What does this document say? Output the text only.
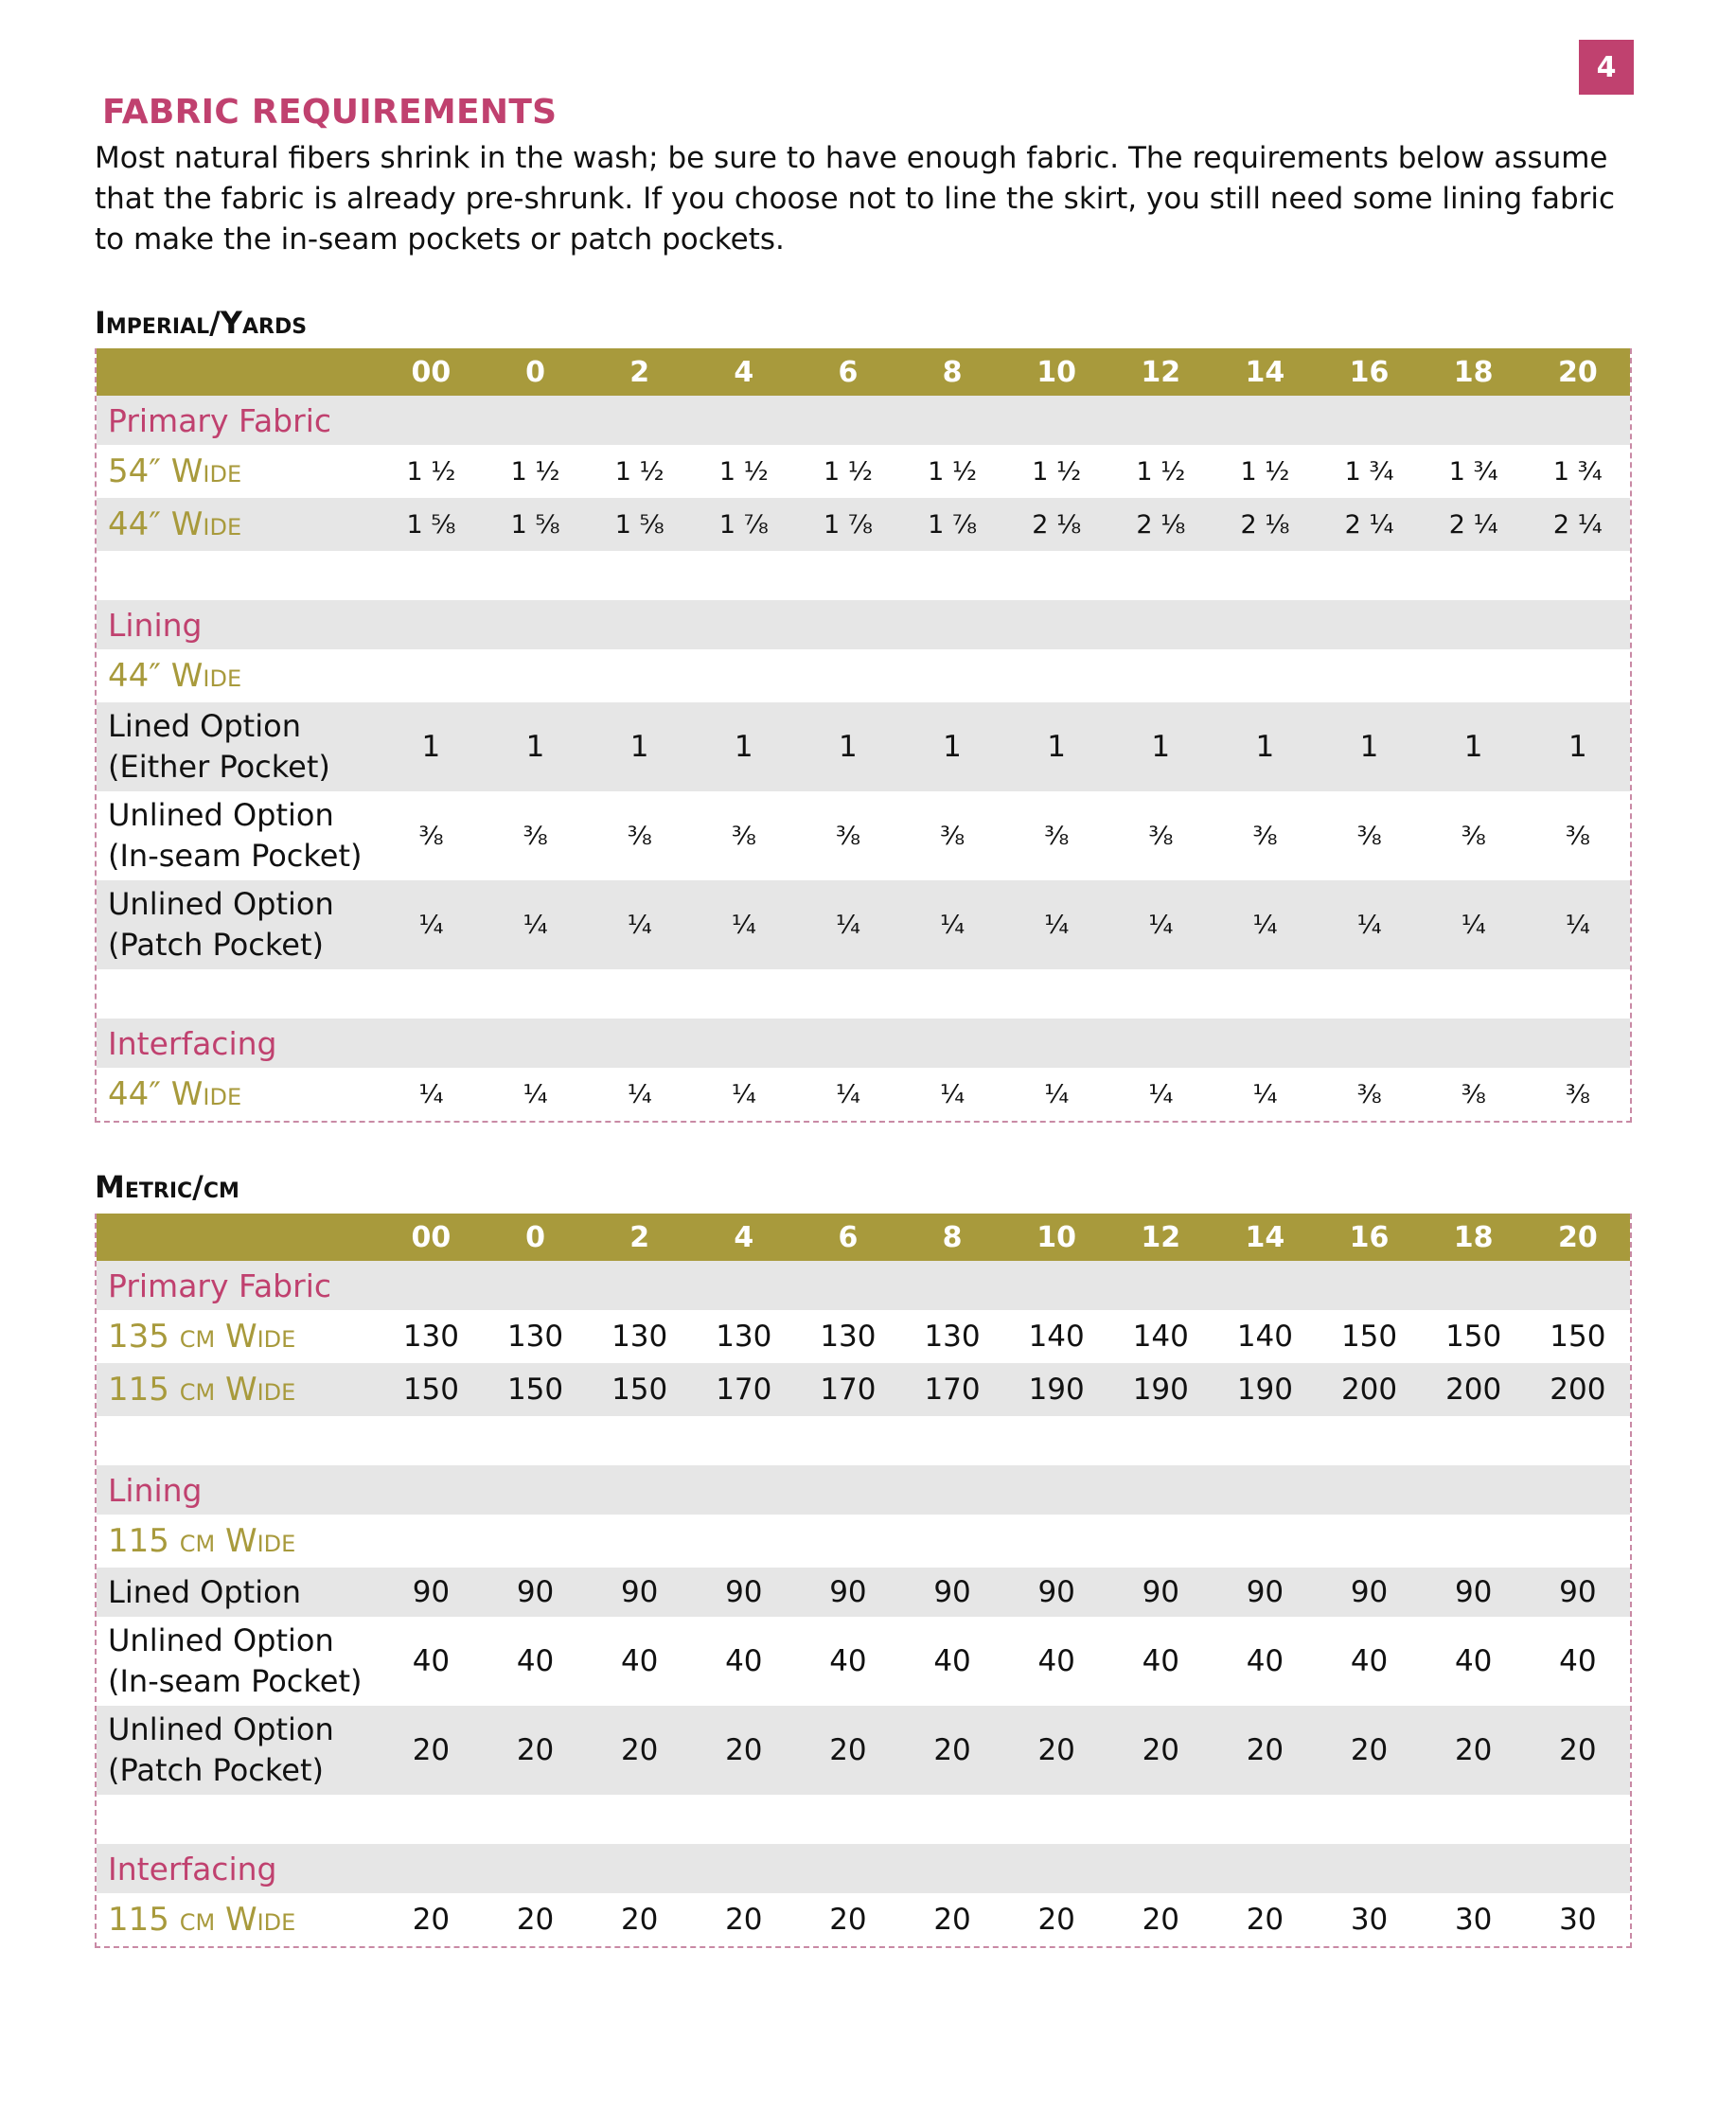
4
FABRIC REQUIREMENTS

Most natural fibers shrink in the wash; be sure to have enough fabric. The requirements below assume that the fabric is already pre-shrunk. If you choose not to line the skirt, you still need some lining fabric to make the in-seam pockets or patch pockets.

Imperial/Yards
	00	0	2	4	6	8	10	12	14	16	18	20
Primary Fabric												
54″ Wide	1 ½	1 ½	1 ½	1 ½	1 ½	1 ½	1 ½	1 ½	1 ½	1 ¾	1 ¾	1 ¾
44″ Wide	1 ⅝	1 ⅝	1 ⅝	1 ⅞	1 ⅞	1 ⅞	2 ⅛	2 ⅛	2 ⅛	2 ¼	2 ¼	2 ¼

Lining												
44″ Wide												
Lined Option
(Either Pocket)	1	1	1	1	1	1	1	1	1	1	1	1
Unlined Option
(In-seam Pocket)	⅜	⅜	⅜	⅜	⅜	⅜	⅜	⅜	⅜	⅜	⅜	⅜
Unlined Option
(Patch Pocket)	¼	¼	¼	¼	¼	¼	¼	¼	¼	¼	¼	¼

Interfacing												
44″ Wide	¼	¼	¼	¼	¼	¼	¼	¼	¼	⅜	⅜	⅜
Metric/cm
	00	0	2	4	6	8	10	12	14	16	18	20
Primary Fabric												
135 cm Wide	130	130	130	130	130	130	140	140	140	150	150	150
115 cm Wide	150	150	150	170	170	170	190	190	190	200	200	200

Lining												
115 cm Wide												
Lined Option	90	90	90	90	90	90	90	90	90	90	90	90
Unlined Option
(In-seam Pocket)	40	40	40	40	40	40	40	40	40	40	40	40
Unlined Option
(Patch Pocket)	20	20	20	20	20	20	20	20	20	20	20	20

Interfacing												
115 cm Wide	20	20	20	20	20	20	20	20	20	30	30	30
